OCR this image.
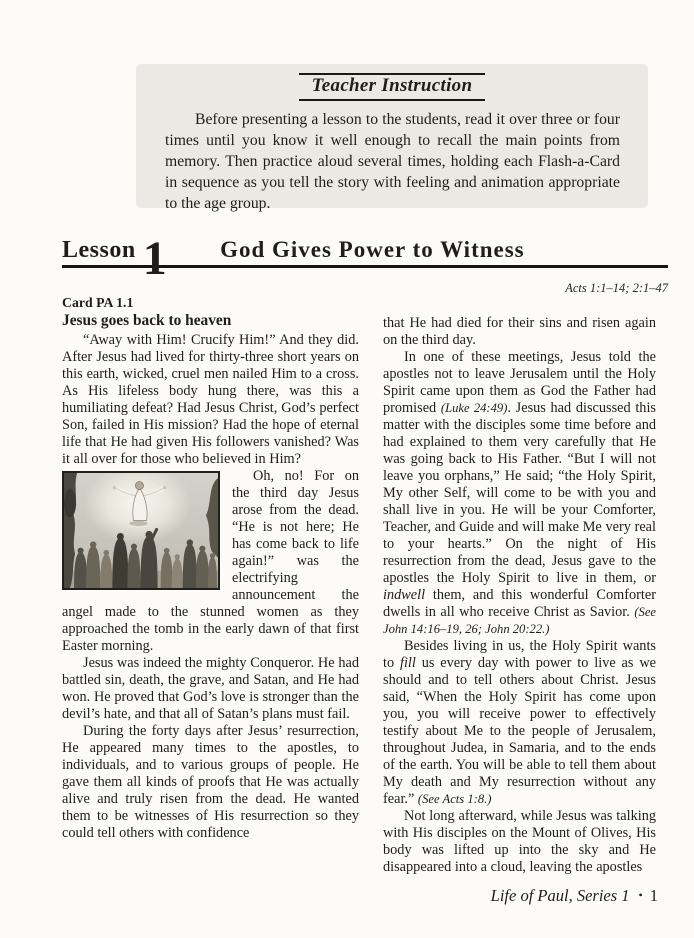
Teacher Instruction

Before presenting a lesson to the students, read it over three or four times until you know it well enough to recall the main points from memory. Then practice aloud several times, holding each Flash-a-Card in sequence as you tell the story with feeling and animation appropriate to the age group.

Lesson 1	God Gives Power to Witness
Acts 1:1–14; 2:1–47
Card PA 1.1
Jesus goes back to heaven

“Away with Him! Crucify Him!” And they did. After Jesus had lived for thirty-three short years on this earth, wicked, cruel men nailed Him to a cross. As His lifeless body hung there, was this a humiliating defeat? Had Jesus Christ, God’s perfect Son, failed in His mission? Had the hope of eternal life that He had given His followers vanished? Was it all over for those who believed in Him?

Oh, no! For on the third day Jesus arose from the dead. “He is not here; He has come back to life again!” was the electrifying announcement the angel made to the stunned women as they approached the tomb in the early dawn of that first Easter morning.

Jesus was indeed the mighty Conqueror. He had battled sin, death, the grave, and Satan, and He had won. He proved that God’s love is stronger than the devil’s hate, and that all of Satan’s plans must fail.

During the forty days after Jesus’ resurrection, He appeared many times to the apostles, to individuals, and to various groups of people. He gave them all kinds of proofs that He was actually alive and truly risen from the dead. He wanted them to be witnesses of His resurrection so they could tell others with confidence

that He had died for their sins and risen again on the third day.

In one of these meetings, Jesus told the apostles not to leave Jerusalem until the Holy Spirit came upon them as God the Father had promised (Luke 24:49). Jesus had discussed this matter with the disciples some time before and had explained to them very carefully that He was going back to His Father. “But I will not leave you orphans,” He said; “the Holy Spirit, My other Self, will come to be with you and shall live in you. He will be your Comforter, Teacher, and Guide and will make Me very real to your hearts.” On the night of His resurrection from the dead, Jesus gave to the apostles the Holy Spirit to live in them, or indwell them, and this wonderful Comforter dwells in all who receive Christ as Savior. (See John 14:16–19, 26; John 20:22.)

Besides living in us, the Holy Spirit wants to fill us every day with power to live as we should and to tell others about Christ. Jesus said, “When the Holy Spirit has come upon you, you will receive power to effectively testify about Me to the people of Jerusalem, throughout Judea, in Samaria, and to the ends of the earth. You will be able to tell them about My death and My resurrection without any fear.” (See Acts 1:8.)

Not long afterward, while Jesus was talking with His disciples on the Mount of Olives, His body was lifted up into the sky and He disappeared into a cloud, leaving the apostles

Life of Paul, Series 1 • 1
